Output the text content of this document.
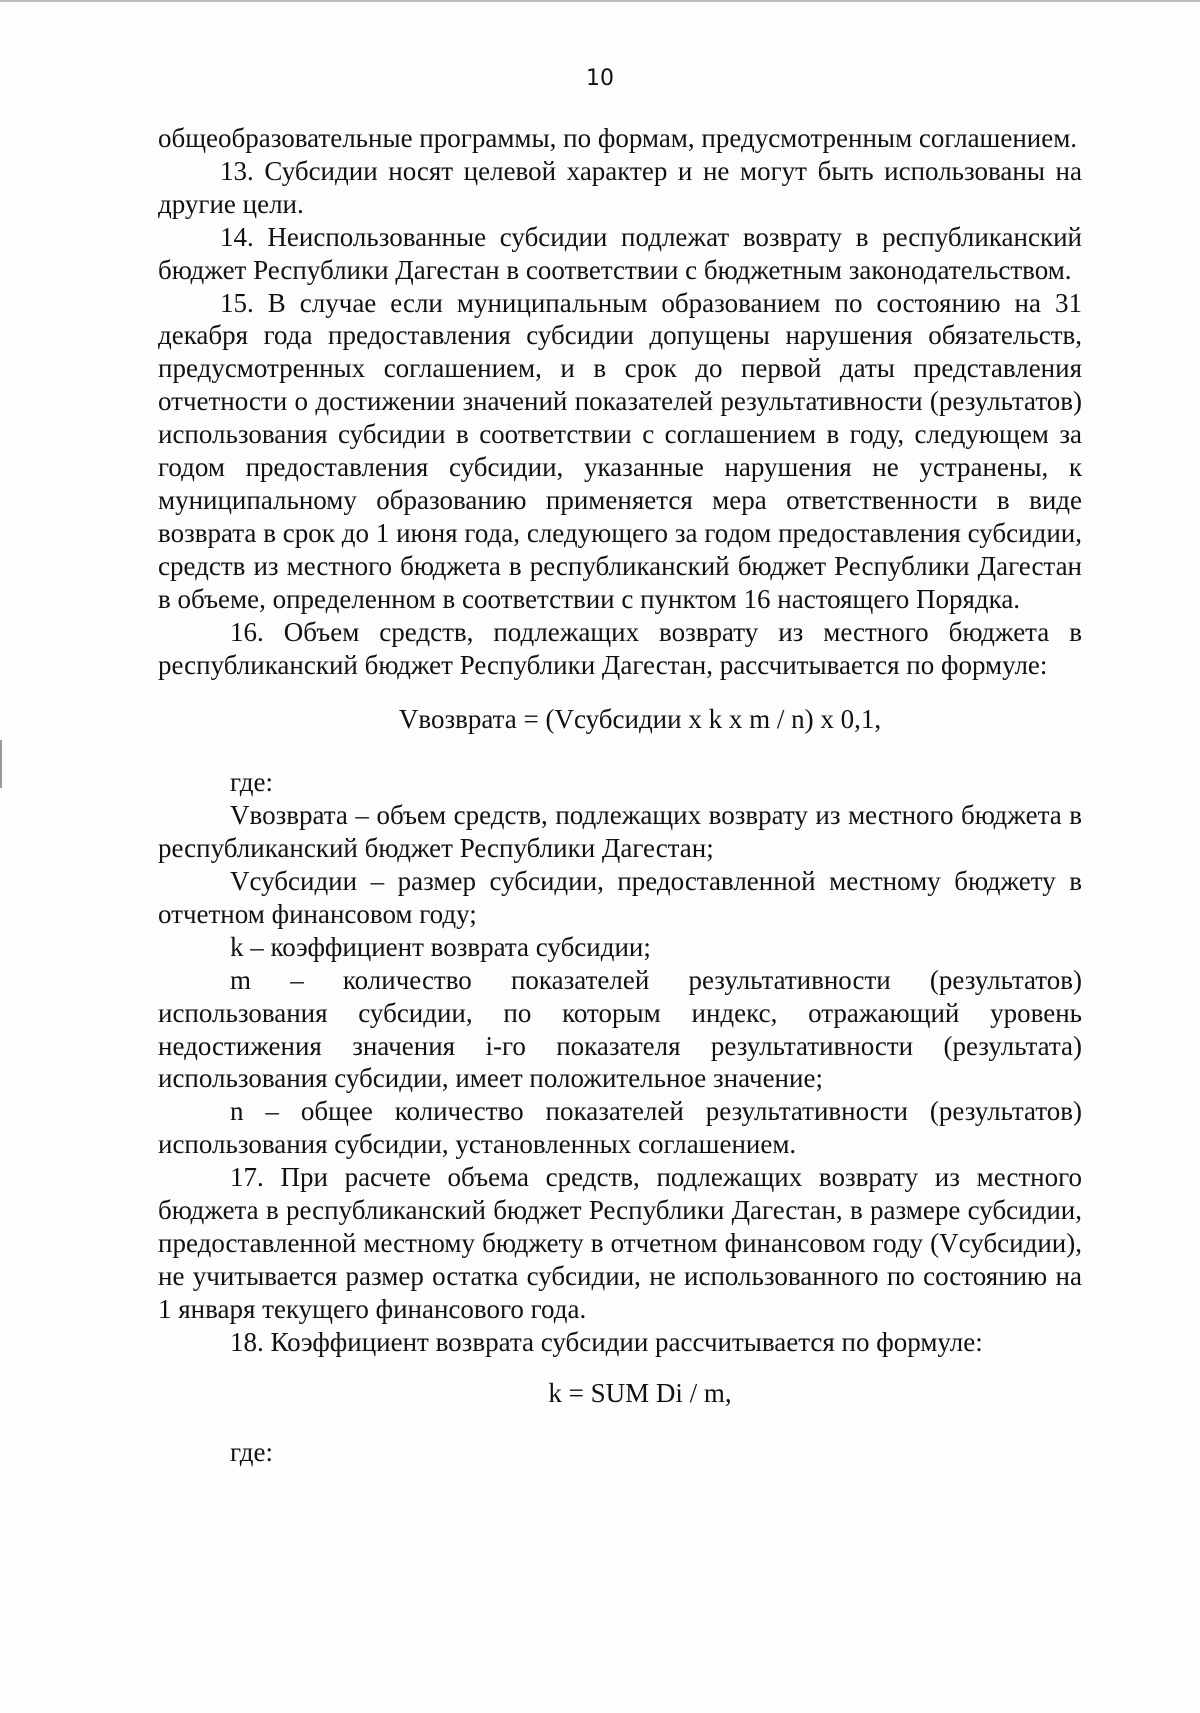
10

общеобразовательные программы, по формам, предусмотренным соглашением.

13. Субсидии носят целевой характер и не могут быть использованы на другие цели.

14. Неиспользованные субсидии подлежат возврату в республиканский бюджет Республики Дагестан в соответствии с бюджетным законодательством.

15. В случае если муниципальным образованием по состоянию на 31 декабря года предоставления субсидии допущены нарушения обязательств, предусмотренных соглашением, и в срок до первой даты представления отчетности о достижении значений показателей результативности (результатов) использования субсидии в соответствии с соглашением в году, следующем за годом предоставления субсидии, указанные нарушения не устранены, к муниципальному образованию применяется мера ответственности в виде возврата в срок до 1 июня года, следующего за годом предоставления субсидии, средств из местного бюджета в республиканский бюджет Республики Дагестан в объеме, определенном в соответствии с пунктом 16 настоящего Порядка.

16. Объем средств, подлежащих возврату из местного бюджета в республиканский бюджет Республики Дагестан, рассчитывается по формуле:

Vвозврата = (Vсубсидии x k x m / n) x 0,1,

где:

Vвозврата – объем средств, подлежащих возврату из местного бюджета в республиканский бюджет Республики Дагестан;

Vсубсидии – размер субсидии, предоставленной местному бюджету в отчетном финансовом году;

k – коэффициент возврата субсидии;

m – количество показателей результативности (результатов) использования субсидии, по которым индекс, отражающий уровень недостижения значения i-го показателя результативности (результата) использования субсидии, имеет положительное значение;

n – общее количество показателей результативности (результатов) использования субсидии, установленных соглашением.

17. При расчете объема средств, подлежащих возврату из местного бюджета в республиканский бюджет Республики Дагестан, в размере субсидии, предоставленной местному бюджету в отчетном финансовом году (Vсубсидии), не учитывается размер остатка субсидии, не использованного по состоянию на 1 января текущего финансового года.

18. Коэффициент возврата субсидии рассчитывается по формуле:

k = SUM Di / m,

где:
